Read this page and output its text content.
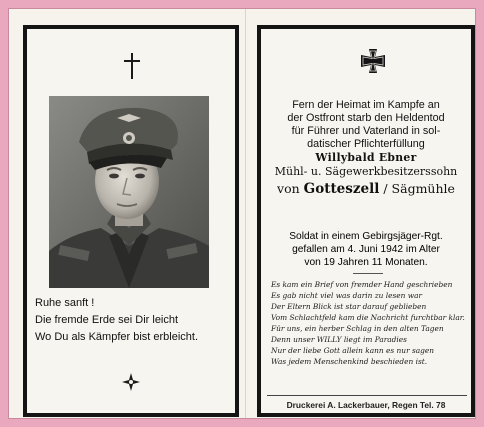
Ruhe sanft !

Die fremde Erde sei Dir leicht

Wo Du als Kämpfer bist erbleicht.

Fern der Heimat im Kampfe an

der Ostfront starb den Heldentod

für Führer und Vaterland in sol-

datischer Pflichterfüllung

Willybald Ebner

Mühl- u. Sägewerkbesitzerssohn

von Gotteszell / Sägmühle

Soldat in einem Gebirgsjäger-Rgt.

gefallen am 4. Juni 1942 im Alter

von 19 Jahren 11 Monaten.

Es kam ein Brief von fremder Hand geschrieben

Es gab nicht viel was darin zu lesen war

Der Eltern Blick ist star darauf geblieben

Vom Schlachtfeld kam die Nachricht furchtbar klar.

Für uns, ein herber Schlag in den alten Tagen

Denn unser WILLY liegt im Paradies

Nur der liebe Gott allein kann es nur sagen

Was jedem Menschenkind beschieden ist.

Druckerei A. Lackerbauer, Regen Tel. 78
